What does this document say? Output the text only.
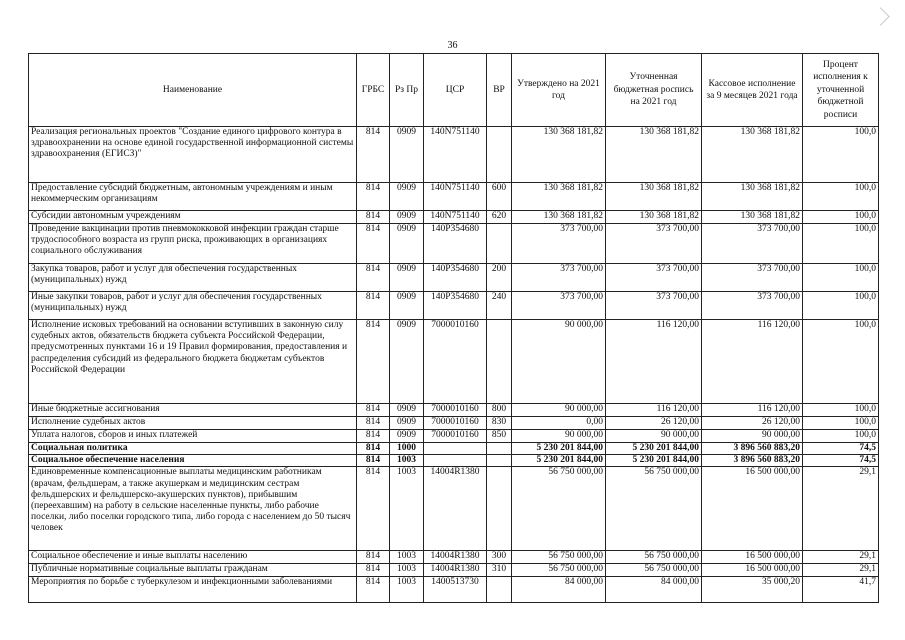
36
Наименование	ГРБС	Рз Пр	ЦСР	ВР	Утверждено на 2021 год	Уточненная бюджетная роспись на 2021 год	Кассовое исполнение за 9 месяцев 2021 года	Процент исполнения к уточненной бюджетной росписи
Реализация региональных проектов "Создание единого цифрового контура в здравоохранении на основе единой государственной информационной системы здравоохранения (ЕГИСЗ)"	814	0909	140N751140		130 368 181,82	130 368 181,82	130 368 181,82	100,0
Предоставление субсидий бюджетным, автономным учреждениям и иным некоммерческим организациям	814	0909	140N751140	600	130 368 181,82	130 368 181,82	130 368 181,82	100,0
Субсидии автономным учреждениям	814	0909	140N751140	620	130 368 181,82	130 368 181,82	130 368 181,82	100,0
Проведение вакцинации против пневмококковой инфекции граждан старше трудоспособного возраста из групп риска, проживающих в организациях социального обслуживания	814	0909	140P354680		373 700,00	373 700,00	373 700,00	100,0
Закупка товаров, работ и услуг для обеспечения государственных (муниципальных) нужд	814	0909	140P354680	200	373 700,00	373 700,00	373 700,00	100,0
Иные закупки товаров, работ и услуг для обеспечения государственных (муниципальных) нужд	814	0909	140P354680	240	373 700,00	373 700,00	373 700,00	100,0
Исполнение исковых требований на основании вступивших в законную силу судебных актов, обязательств бюджета субъекта Российской Федерации, предусмотренных пунктами 16 и 19 Правил формирования, предоставления и распределения субсидий из федерального бюджета бюджетам субъектов Российской Федерации	814	0909	7000010160		90 000,00	116 120,00	116 120,00	100,0
Иные бюджетные ассигнования	814	0909	7000010160	800	90 000,00	116 120,00	116 120,00	100,0
Исполнение судебных актов	814	0909	7000010160	830	0,00	26 120,00	26 120,00	100,0
Уплата налогов, сборов и иных платежей	814	0909	7000010160	850	90 000,00	90 000,00	90 000,00	100,0
Социальная политика	814	1000			5 230 201 844,00	5 230 201 844,00	3 896 560 883,20	74,5
Социальное обеспечение населения	814	1003			5 230 201 844,00	5 230 201 844,00	3 896 560 883,20	74,5
Единовременные компенсационные выплаты медицинским работникам (врачам, фельдшерам, а также акушеркам и медицинским сестрам фельдшерских и фельдшерско-акушерских пунктов), прибывшим (переехавшим) на работу в сельские населенные пункты, либо рабочие поселки, либо поселки городского типа, либо города с населением до 50 тысяч человек	814	1003	14004R1380		56 750 000,00	56 750 000,00	16 500 000,00	29,1
Социальное обеспечение и иные выплаты населению	814	1003	14004R1380	300	56 750 000,00	56 750 000,00	16 500 000,00	29,1
Публичные нормативные социальные выплаты гражданам	814	1003	14004R1380	310	56 750 000,00	56 750 000,00	16 500 000,00	29,1
Мероприятия по борьбе с туберкулезом и инфекционными заболеваниями	814	1003	1400513730		84 000,00	84 000,00	35 000,20	41,7
